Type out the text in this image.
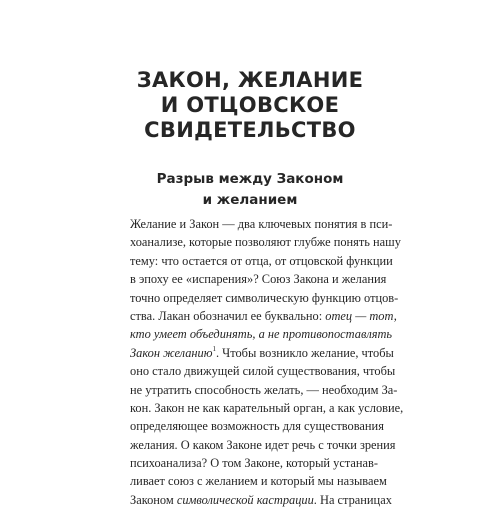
ЗАКОН, ЖЕЛАНИЕ
И ОТЦОВСКОЕ
СВИДЕТЕЛЬСТВО
Разрыв между Законом
и желанием
Желание и Закон — два ключевых понятия в пси-
хоанализе, которые позволяют глубже понять нашу
тему: что остается от отца, от отцовской функции
в эпоху ее «испарения»? Союз Закона и желания
точно определяет символическую функцию отцов-
ства. Лакан обозначил ее буквально: отец — тот,
кто умеет объединять, а не противопоставлять
Закон желанию$^1$. Чтобы возникло желание, чтобы
оно стало движущей силой существования, чтобы
не утратить способность желать, — необходим За-
кон. Закон не как карательный орган, а как условие,
определяющее возможность для существования
желания. О каком Законе идет речь с точки зрения
психоанализа? О том Законе, который устанав-
ливает союз с желанием и который мы называем
Законом символической кастрации. На страницах
